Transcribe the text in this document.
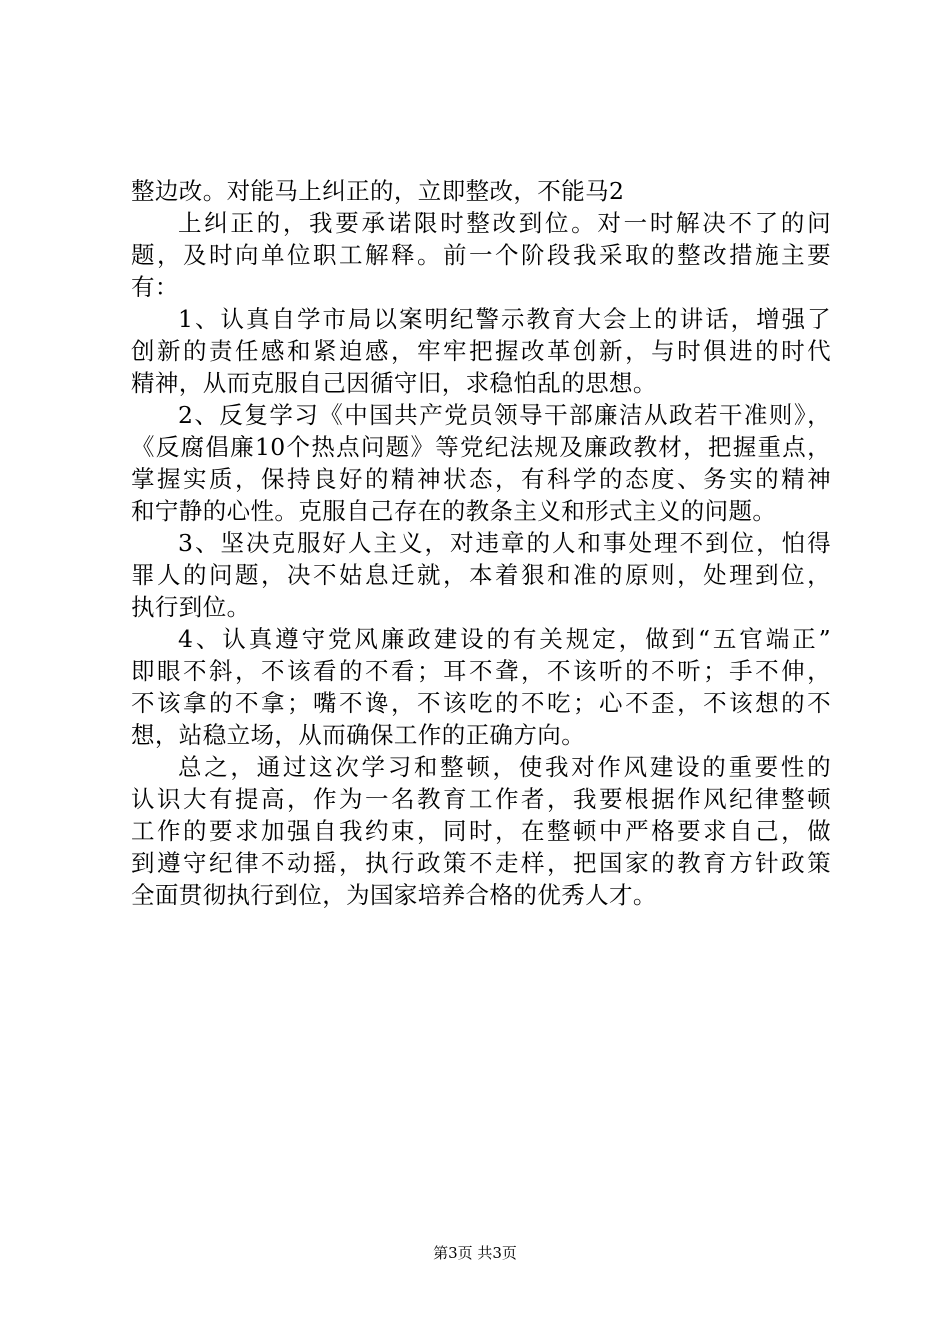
整边改。对能马上纠正的，立即整改，不能马2
上纠正的，我要承诺限时整改到位。对一时解决不了的问
题，及时向单位职工解释。前一个阶段我采取的整改措施主要
有：
1、认真自学市局以案明纪警示教育大会上的讲话，增强了
创新的责任感和紧迫感，牢牢把握改革创新，与时俱进的时代
精神，从而克服自己因循守旧，求稳怕乱的思想。
2、反复学习《中国共产党员领导干部廉洁从政若干准则》，
《反腐倡廉10个热点问题》等党纪法规及廉政教材，把握重点，
掌握实质，保持良好的精神状态，有科学的态度、务实的精神
和宁静的心性。克服自己存在的教条主义和形式主义的问题。
3、坚决克服好人主义，对违章的人和事处理不到位，怕得
罪人的问题，决不姑息迁就，本着狠和准的原则，处理到位，
执行到位。
4、认真遵守党风廉政建设的有关规定，做到“五官端正”
即眼不斜，不该看的不看；耳不聋，不该听的不听；手不伸，
不该拿的不拿；嘴不谗，不该吃的不吃；心不歪，不该想的不
想，站稳立场，从而确保工作的正确方向。
总之，通过这次学习和整顿，使我对作风建设的重要性的
认识大有提高，作为一名教育工作者，我要根据作风纪律整顿
工作的要求加强自我约束，同时，在整顿中严格要求自己，做
到遵守纪律不动摇，执行政策不走样，把国家的教育方针政策
全面贯彻执行到位，为国家培养合格的优秀人才。
第3页 共3页
